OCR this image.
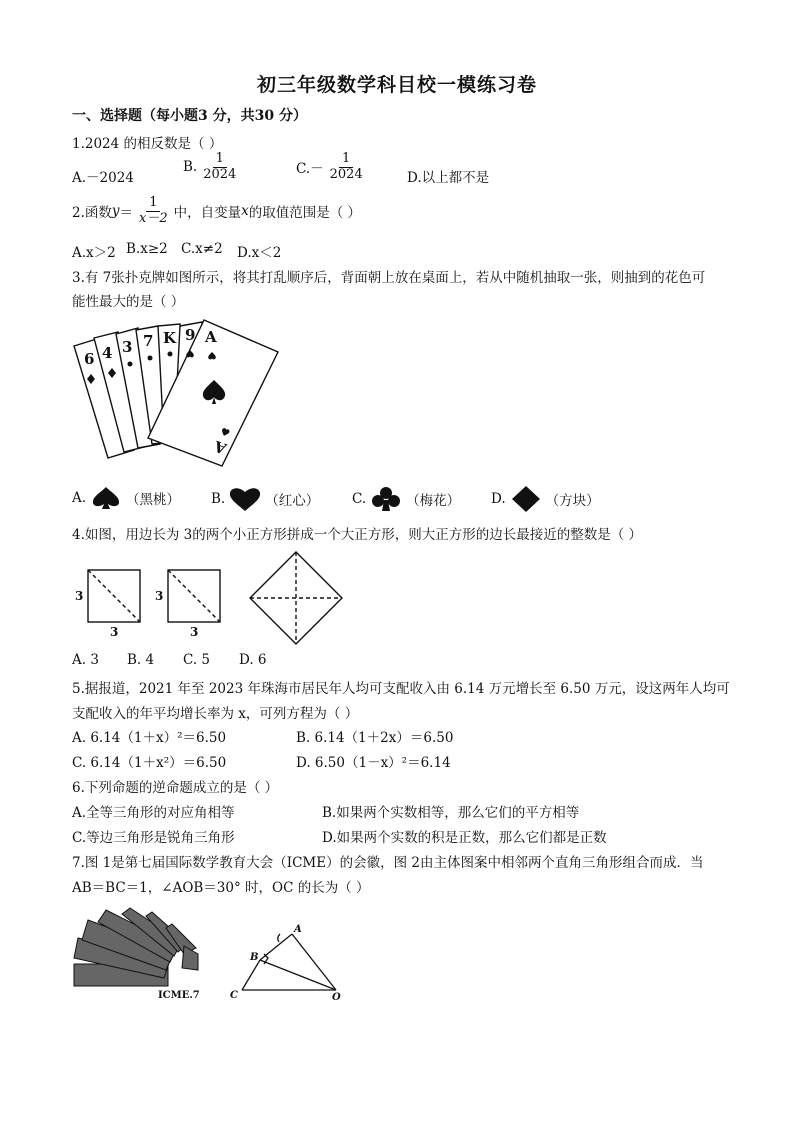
初三年级数学科目校一模练习卷
一、选择题（每小题3 分，共30 分）
1.2024 的相反数是（ ）
A.－2024
B. $\frac{1}{2024}$	$C.- \frac{1}{2024}$	D.以上都不是
2.函数 $y = \frac{1}{x-2}$ 中，自变量 x 的取值范围是（ ）
A.x＞2 B.x≥2 C.x≠2 D.x＜2
3.有 7张扑克牌如图所示，将其打乱顺序后，背面朝上放在桌面上，若从中随机抽取一张，则抽到的花色可
能性最大的是（ ）
6 4 3 7 K 9 A
A
A.	（黑桃） B.	（红心） C.	（梅花） D.	（方块）
4.如图，用边长为 3的两个小正方形拼成一个大正方形，则大正方形的边长最接近的整数是（ ）
3
3
3
3
A. 3 B. 4 C. 5 D. 6
5.据报道，2021 年至 2023 年珠海市居民年人均可支配收入由 6.14 万元增长至 6.50 万元，设这两年人均可
支配收入的年平均增长率为 x，可列方程为（ ）
A. 6.14（1＋x）²＝6.50	B. 6.14（1＋2x）＝6.50
C. 6.14（1＋x²）＝6.50	D. 6.50（1－x）²＝6.14
6.下列命题的逆命题成立的是（ ）
A.全等三角形的对应角相等	B.如果两个实数相等，那么它们的平方相等
C.等边三角形是锐角三角形	D.如果两个实数的积是正数，那么它们都是正数
7.图 1是第七届国际数学教育大会（ICME）的会徽，图 2由主体图案中相邻两个直角三角形组合而成．当
AB＝BC＝1，∠AOB＝30° 时，OC 的长为（ ）
ICME.7
A
B
C	O
